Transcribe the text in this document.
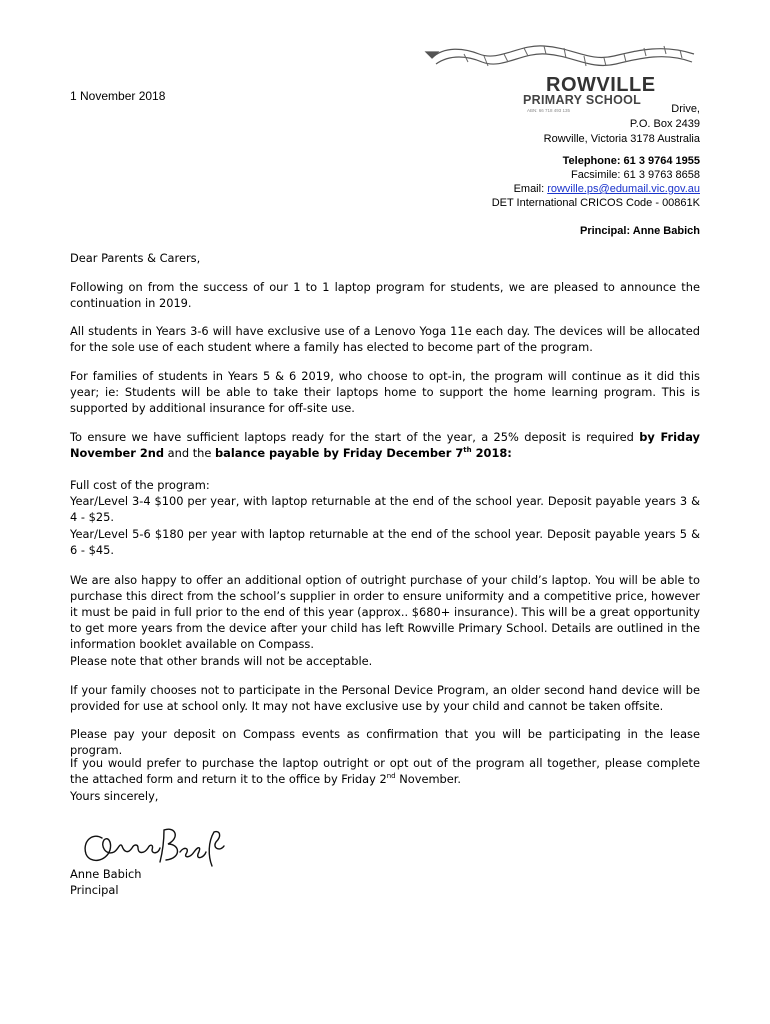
1 November 2018	ROWVILLE
PRIMARY SCHOOL
ABN: 66 718 493 135	Drive,
P.O. Box 2439
Rowville, Victoria 3178 Australia
Telephone: 61 3 9764 1955
Facsimile: 61 3 9763 8658
Email: rowville.ps@edumail.vic.gov.au
DET International CRICOS Code - 00861K
Principal: Anne Babich
Dear Parents & Carers,
Following on from the success of our 1 to 1 laptop program for students, we are pleased to announce the continuation in 2019.
All students in Years 3-6 will have exclusive use of a Lenovo Yoga 11e each day. The devices will be allocated for the sole use of each student where a family has elected to become part of the program.
For families of students in Years 5 & 6 2019, who choose to opt-in, the program will continue as it did this year; ie: Students will be able to take their laptops home to support the home learning program. This is supported by additional insurance for off-site use.
To ensure we have sufficient laptops ready for the start of the year, a 25% deposit is required by Friday November 2nd and the balance payable by Friday December 7th 2018:
Full cost of the program:
Year/Level 3-4 $100 per year, with laptop returnable at the end of the school year. Deposit payable years 3 & 4 - $25.
Year/Level 5-6 $180 per year with laptop returnable at the end of the school year. Deposit payable years 5 & 6 - $45.
We are also happy to offer an additional option of outright purchase of your child’s laptop. You will be able to purchase this direct from the school’s supplier in order to ensure uniformity and a competitive price, however it must be paid in full prior to the end of this year (approx.. $680+ insurance). This will be a great opportunity to get more years from the device after your child has left Rowville Primary School. Details are outlined in the information booklet available on Compass.
Please note that other brands will not be acceptable.
If your family chooses not to participate in the Personal Device Program, an older second hand device will be provided for use at school only. It may not have exclusive use by your child and cannot be taken offsite.
Please pay your deposit on Compass events as confirmation that you will be participating in the lease program.
If you would prefer to purchase the laptop outright or opt out of the program all together, please complete the attached form and return it to the office by Friday 2nd November.
Yours sincerely,
Anne Babich
Principal
